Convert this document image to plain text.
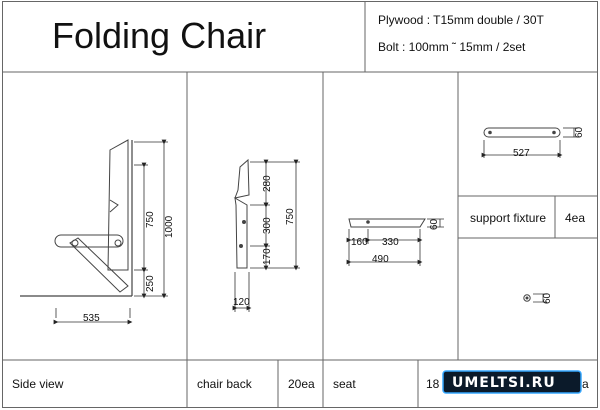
Folding Chair	Plywood : T15mm double / 30T
Bolt : 100mm ˜ 15mm / 2set
535
750
250
1000
280
300
170
750
120
160 330
490
60
527
60
support fixture 4ea
60
Side view	chair back	20ea seat	18	a
UMELTSI.RU
